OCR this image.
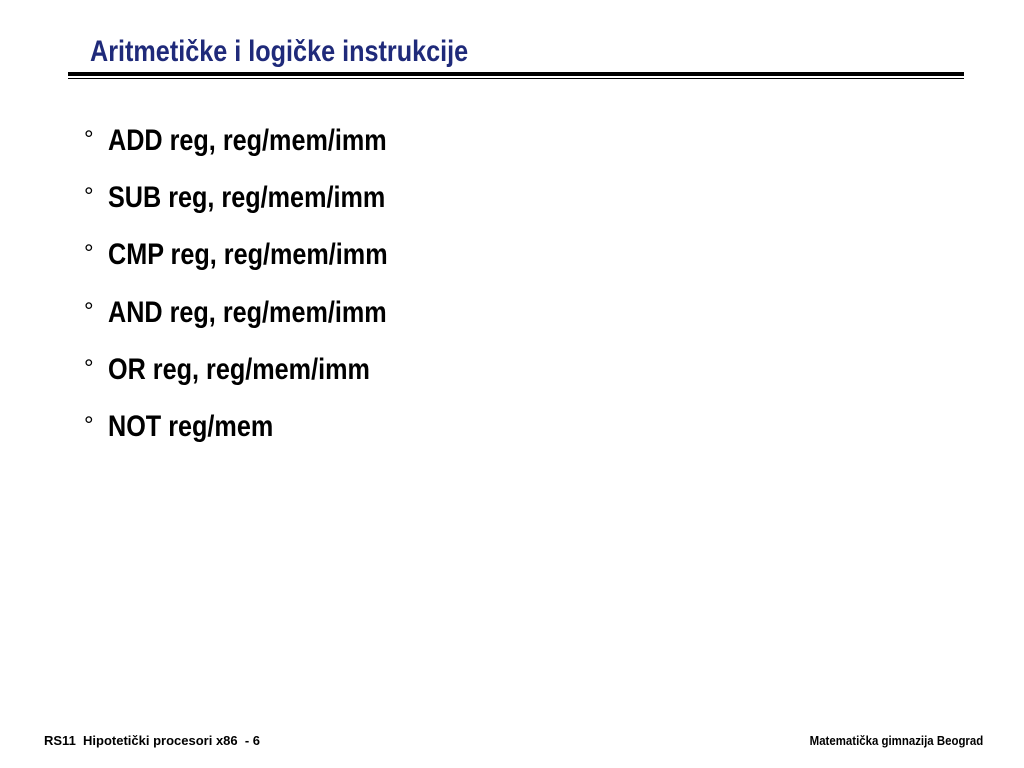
Aritmetičke i logičke instrukcije
° ADD reg, reg/mem/imm
° SUB reg, reg/mem/imm
° CMP reg, reg/mem/imm
° AND reg, reg/mem/imm
° OR reg, reg/mem/imm
° NOT reg/mem
RS11  Hipotetički procesori x86  - 6	Matematička gimnazija Beograd
